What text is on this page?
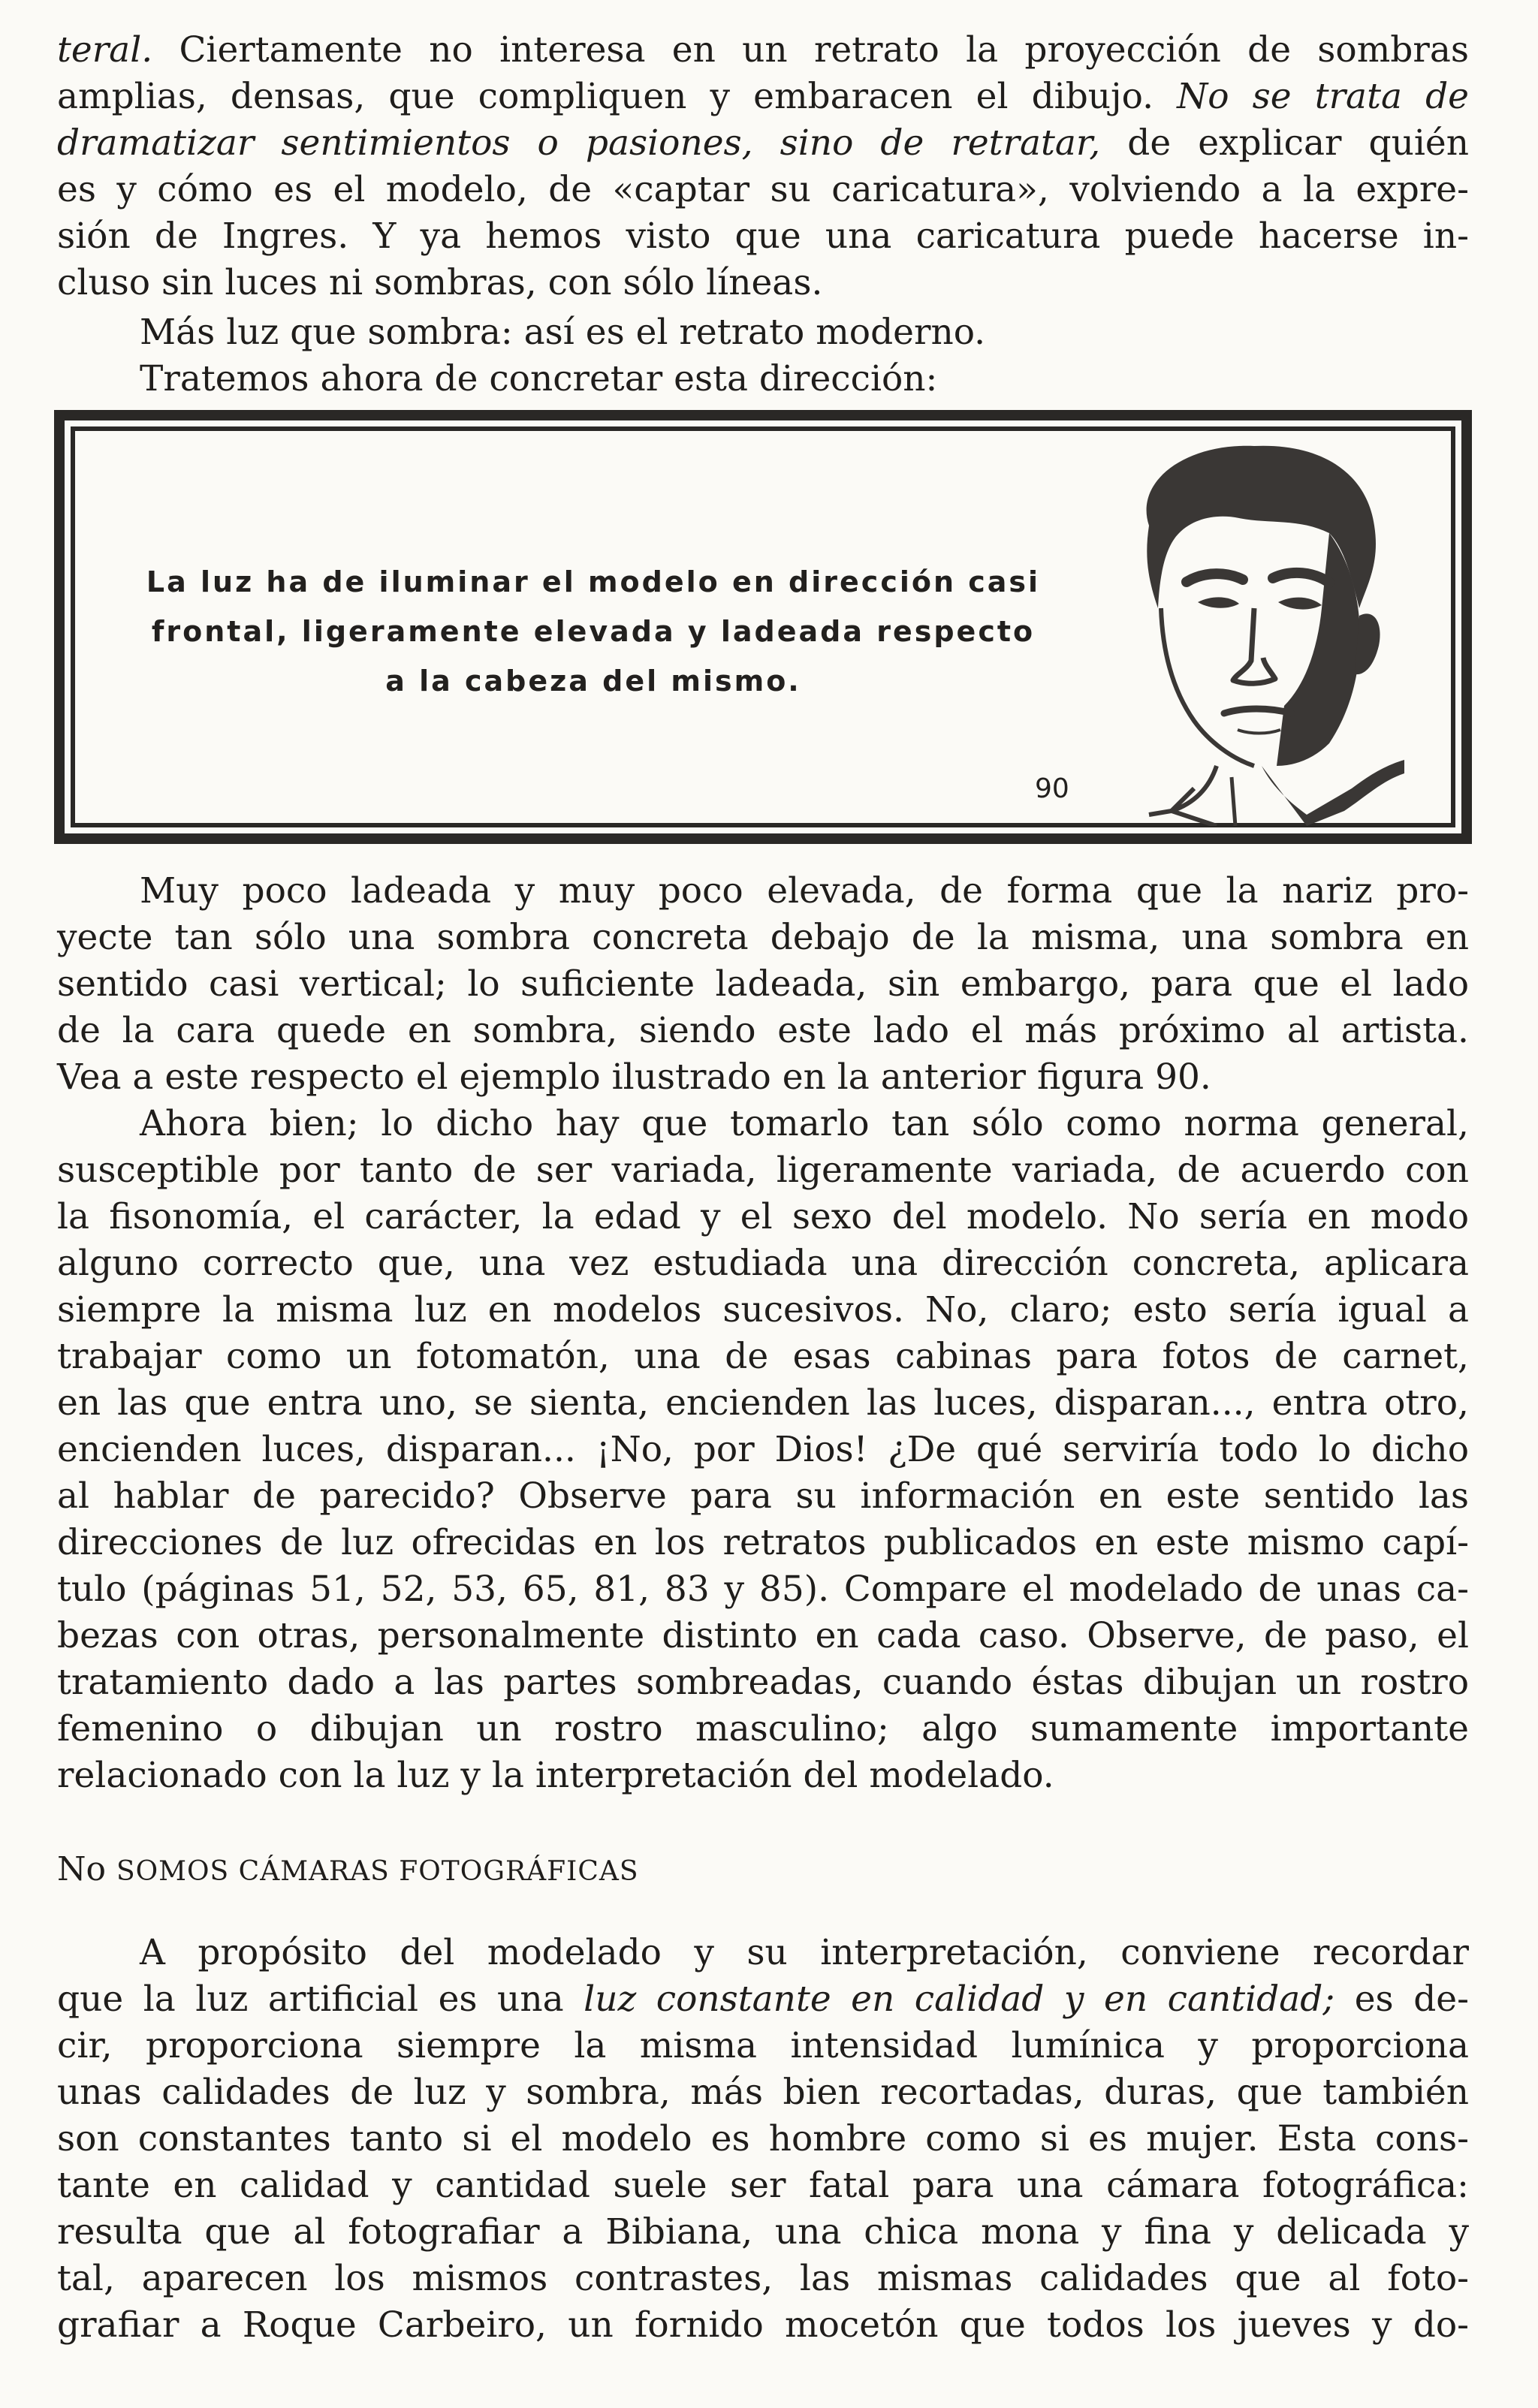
teral. Ciertamente no interesa en un retrato la proyección de sombras
amplias, densas, que compliquen y embaracen el dibujo. No se trata de
dramatizar sentimientos o pasiones, sino de retratar, de explicar quién
es y cómo es el modelo, de «captar su caricatura», volviendo a la expre-
sión de Ingres. Y ya hemos visto que una caricatura puede hacerse in-
cluso sin luces ni sombras, con sólo líneas.
Más luz que sombra: así es el retrato moderno.
Tratemos ahora de concretar esta dirección:
La luz ha de iluminar el modelo en dirección casi
frontal, ligeramente elevada y ladeada respecto
a la cabeza del mismo.
90
Muy poco ladeada y muy poco elevada, de forma que la nariz pro-
yecte tan sólo una sombra concreta debajo de la misma, una sombra en
sentido casi vertical; lo suficiente ladeada, sin embargo, para que el lado
de la cara quede en sombra, siendo este lado el más próximo al artista.
Vea a este respecto el ejemplo ilustrado en la anterior figura 90.
Ahora bien; lo dicho hay que tomarlo tan sólo como norma general,
susceptible por tanto de ser variada, ligeramente variada, de acuerdo con
la fisonomía, el carácter, la edad y el sexo del modelo. No sería en modo
alguno correcto que, una vez estudiada una dirección concreta, aplicara
siempre la misma luz en modelos sucesivos. No, claro; esto sería igual a
trabajar como un fotomatón, una de esas cabinas para fotos de carnet,
en las que entra uno, se sienta, encienden las luces, disparan..., entra otro,
encienden luces, disparan... ¡No, por Dios! ¿De qué serviría todo lo dicho
al hablar de parecido? Observe para su información en este sentido las
direcciones de luz ofrecidas en los retratos publicados en este mismo capí-
tulo (páginas 51, 52, 53, 65, 81, 83 y 85). Compare el modelado de unas ca-
bezas con otras, personalmente distinto en cada caso. Observe, de paso, el
tratamiento dado a las partes sombreadas, cuando éstas dibujan un rostro
femenino o dibujan un rostro masculino; algo sumamente importante
relacionado con la luz y la interpretación del modelado.
No SOMOS CÁMARAS FOTOGRÁFICAS
A propósito del modelado y su interpretación, conviene recordar
que la luz artificial es una luz constante en calidad y en cantidad; es de-
cir, proporciona siempre la misma intensidad lumínica y proporciona
unas calidades de luz y sombra, más bien recortadas, duras, que también
son constantes tanto si el modelo es hombre como si es mujer. Esta cons-
tante en calidad y cantidad suele ser fatal para una cámara fotográfica:
resulta que al fotografiar a Bibiana, una chica mona y fina y delicada y
tal, aparecen los mismos contrastes, las mismas calidades que al foto-
grafiar a Roque Carbeiro, un fornido mocetón que todos los jueves y do-
